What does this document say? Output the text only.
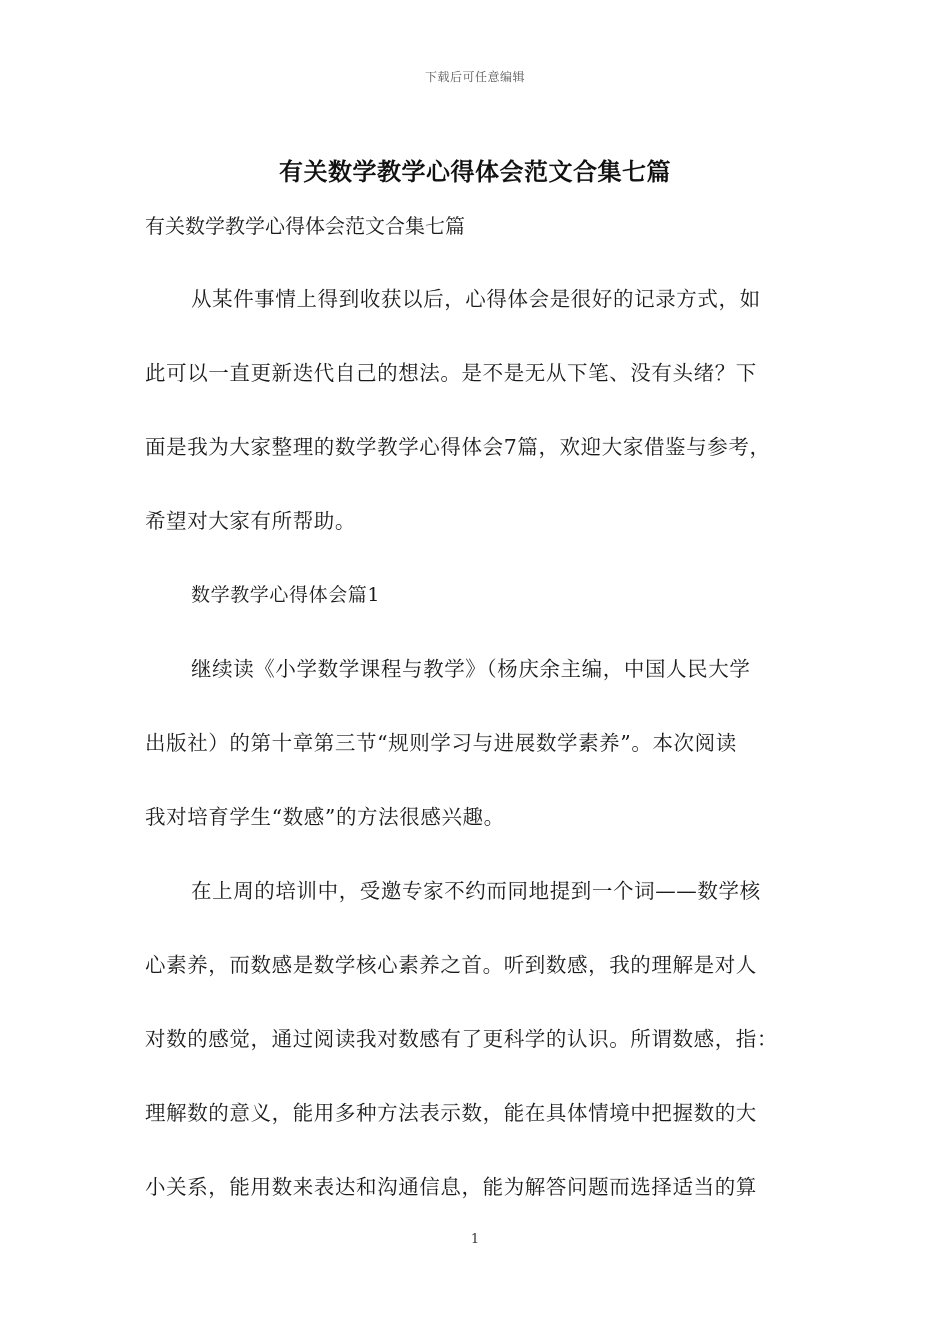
下载后可任意编辑
有关数学教学心得体会范文合集七篇
有关数学教学心得体会范文合集七篇
从某件事情上得到收获以后，心得体会是很好的记录方式，如
此可以一直更新迭代自己的想法。是不是无从下笔、没有头绪？下
面是我为大家整理的数学教学心得体会7篇，欢迎大家借鉴与参考，
希望对大家有所帮助。
数学教学心得体会篇1
继续读《小学数学课程与教学》（杨庆余主编，中国人民大学
出版社）的第十章第三节“规则学习与进展数学素养”。本次阅读
我对培育学生“数感”的方法很感兴趣。
在上周的培训中，受邀专家不约而同地提到一个词——数学核
心素养，而数感是数学核心素养之首。听到数感，我的理解是对人
对数的感觉，通过阅读我对数感有了更科学的认识。所谓数感，指：
理解数的意义，能用多种方法表示数，能在具体情境中把握数的大
小关系，能用数来表达和沟通信息，能为解答问题而选择适当的算
1
